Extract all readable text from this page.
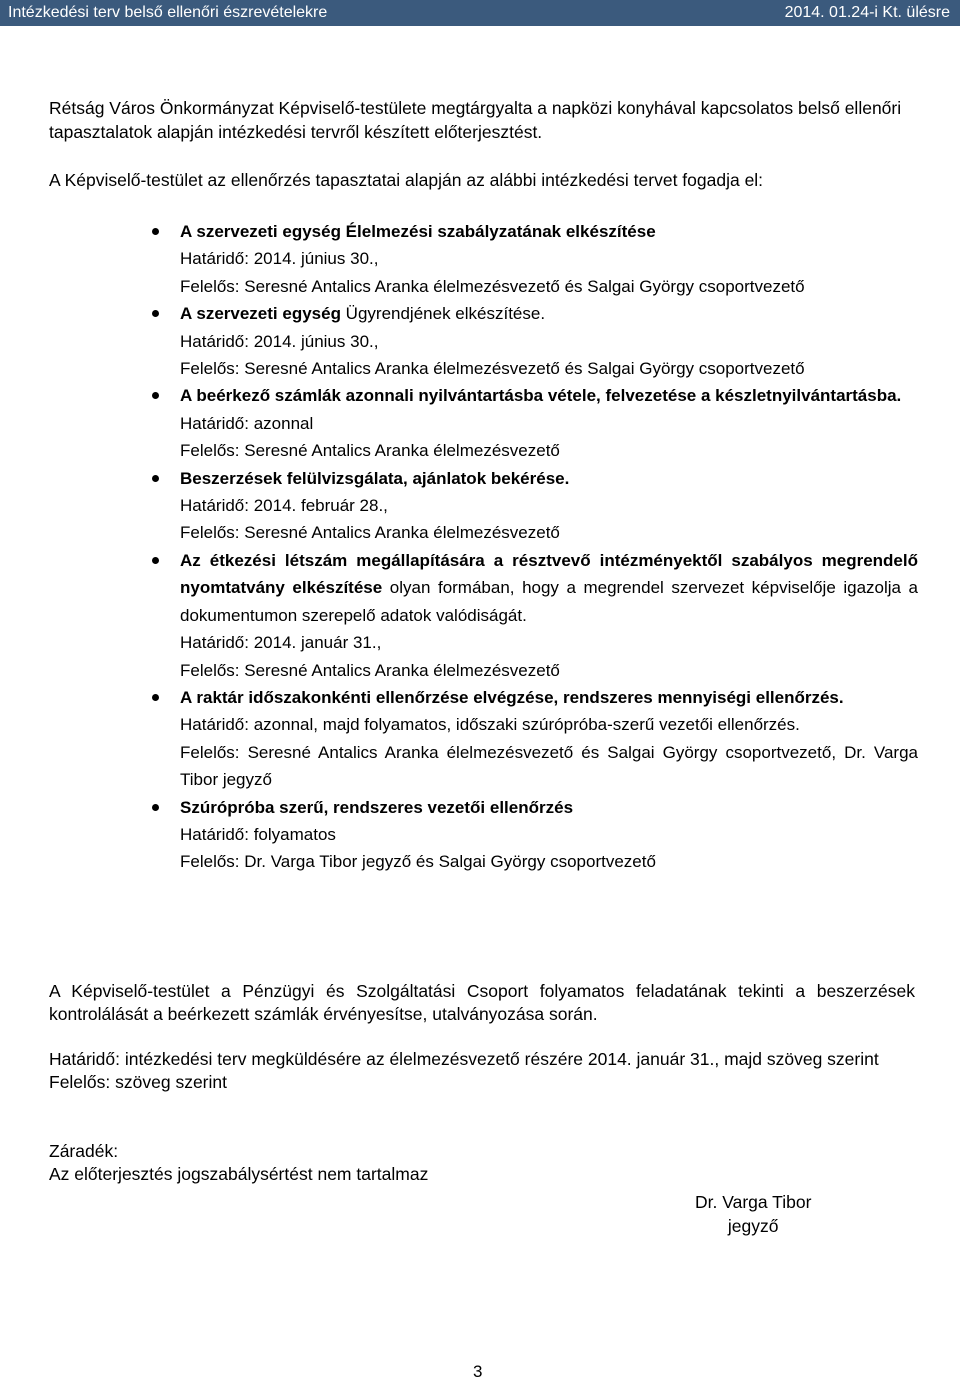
Intézkedési terv belső ellenőri észrevételekre	2014. 01.24-i Kt. ülésre
Rétság Város Önkormányzat Képviselő-testülete megtárgyalta a napközi konyhával kapcsolatos belső ellenőri tapasztalatok alapján intézkedési tervről készített előterjesztést.
A Képviselő-testület az ellenőrzés tapasztatai alapján az alábbi intézkedési tervet fogadja el:
A szervezeti egység Élelmezési szabályzatának elkészítése
Határidő: 2014. június 30.,
Felelős: Seresné Antalics Aranka élelmezésvezető és Salgai György csoportvezető
A szervezeti egység Ügyrendjének elkészítése.
Határidő: 2014. június 30.,
Felelős: Seresné Antalics Aranka élelmezésvezető és Salgai György csoportvezető
A beérkező számlák azonnali nyilvántartásba vétele, felvezetése a készletnyilvántartásba.
Határidő: azonnal
Felelős: Seresné Antalics Aranka élelmezésvezető
Beszerzések felülvizsgálata, ajánlatok bekérése.
Határidő: 2014. február 28.,
Felelős: Seresné Antalics Aranka élelmezésvezető
Az étkezési létszám megállapítására a résztvevő intézményektől szabályos megrendelő nyomtatvány elkészítése olyan formában, hogy a megrendel szervezet képviselője igazolja a dokumentumon szerepelő adatok valódiságát.
Határidő: 2014. január 31.,
Felelős: Seresné Antalics Aranka élelmezésvezető
A raktár időszakonkénti ellenőrzése elvégzése, rendszeres mennyiségi ellenőrzés.
Határidő: azonnal, majd folyamatos, időszaki szúrópróba-szerű vezetői ellenőrzés.
Felelős: Seresné Antalics Aranka élelmezésvezető és Salgai György csoportvezető, Dr. Varga Tibor jegyző
Szúrópróba szerű, rendszeres vezetői ellenőrzés
Határidő: folyamatos
Felelős: Dr. Varga Tibor jegyző és Salgai György csoportvezető
A Képviselő-testület a Pénzügyi és Szolgáltatási Csoport folyamatos feladatának tekinti a beszerzések kontrolálását a beérkezett számlák érvényesítse, utalványozása során.
Határidő: intézkedési terv megküldésére az élelmezésvezető részére 2014. január 31., majd szöveg szerint
Felelős: szöveg szerint
Záradék:
Az előterjesztés jogszabálysértést nem tartalmaz
Dr. Varga Tibor
jegyző
3
